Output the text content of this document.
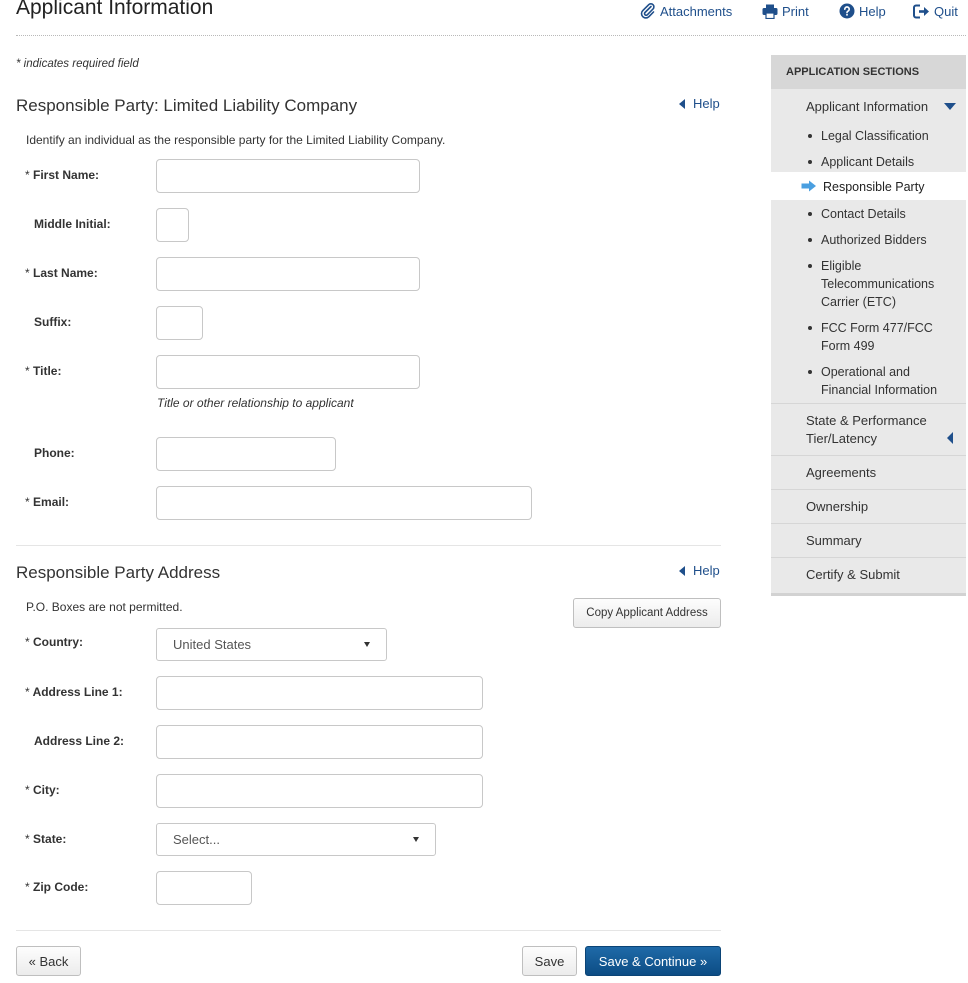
Applicant Information	Attachments	Print	Help	Quit
* indicates required field
Responsible Party: Limited Liability Company	Help
Identify an individual as the responsible party for the Limited Liability Company.
* First Name:
Middle Initial:
* Last Name:
Suffix:
* Title:
Title or other relationship to applicant
Phone:
* Email:
Responsible Party Address	Help
P.O. Boxes are not permitted.	Copy Applicant Address
* Country:	United States
* Address Line 1:
Address Line 2:
* City:
* State:	Select...
* Zip Code:
« Back	Save	Save & Continue »
APPLICATION SECTIONS
Applicant Information
Legal Classification
Applicant Details
Responsible Party
Contact Details
Authorized Bidders
Eligible Telecommunications Carrier (ETC)
FCC Form 477/FCC Form 499
Operational and Financial Information
State & Performance Tier/Latency
Agreements
Ownership
Summary
Certify & Submit
